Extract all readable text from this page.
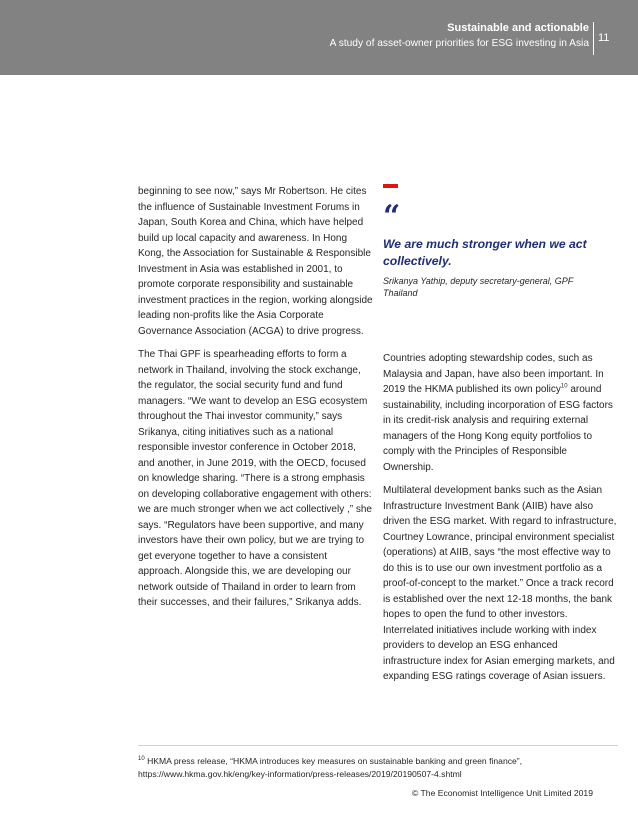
Sustainable and actionable
A study of asset-owner priorities for ESG investing in Asia 11

beginning to see now,” says Mr Robertson. He cites the influence of Sustainable Investment Forums in Japan, South Korea and China, which have helped build up local capacity and awareness. In Hong Kong, the Association for Sustainable & Responsible Investment in Asia was established in 2001, to promote corporate responsibility and sustainable investment practices in the region, working alongside leading non-profits like the Asia Corporate Governance Association (ACGA) to drive progress.

The Thai GPF is spearheading efforts to form a network in Thailand, involving the stock exchange, the regulator, the social security fund and fund managers. “We want to develop an ESG ecosystem throughout the Thai investor community,” says Srikanya, citing initiatives such as a national responsible investor conference in October 2018, and another, in June 2019, with the OECD, focused on knowledge sharing. “There is a strong emphasis on developing collaborative engagement with others: we are much stronger when we act collectively ,” she says. “Regulators have been supportive, and many investors have their own policy, but we are trying to get everyone together to have a consistent approach. Alongside this, we are developing our network outside of Thailand in order to learn from their successes, and their failures,” Srikanya adds.

“
We are much stronger when we act collectively.
Srikanya Yathip, deputy secretary-general, GPF Thailand

Countries adopting stewardship codes, such as Malaysia and Japan, have also been important. In 2019 the HKMA published its own policy$^{10}$ around sustainability, including incorporation of ESG factors in its credit-risk analysis and requiring external managers of the Hong Kong equity portfolios to comply with the Principles of Responsible Ownership.

Multilateral development banks such as the Asian Infrastructure Investment Bank (AIIB) have also driven the ESG market. With regard to infrastructure, Courtney Lowrance, principal environment specialist (operations) at AIIB, says “the most effective way to do this is to use our own investment portfolio as a proof-of-concept to the market.” Once a track record is established over the next 12-18 months, the bank hopes to open the fund to other investors. Interrelated initiatives include working with index providers to develop an ESG enhanced infrastructure index for Asian emerging markets, and expanding ESG ratings coverage of Asian issuers.

$^{10}$ HKMA press release, “HKMA introduces key measures on sustainable banking and green finance”, https://www.hkma.gov.hk/eng/key-information/press-releases/2019/20190507-4.shtml
© The Economist Intelligence Unit Limited 2019
